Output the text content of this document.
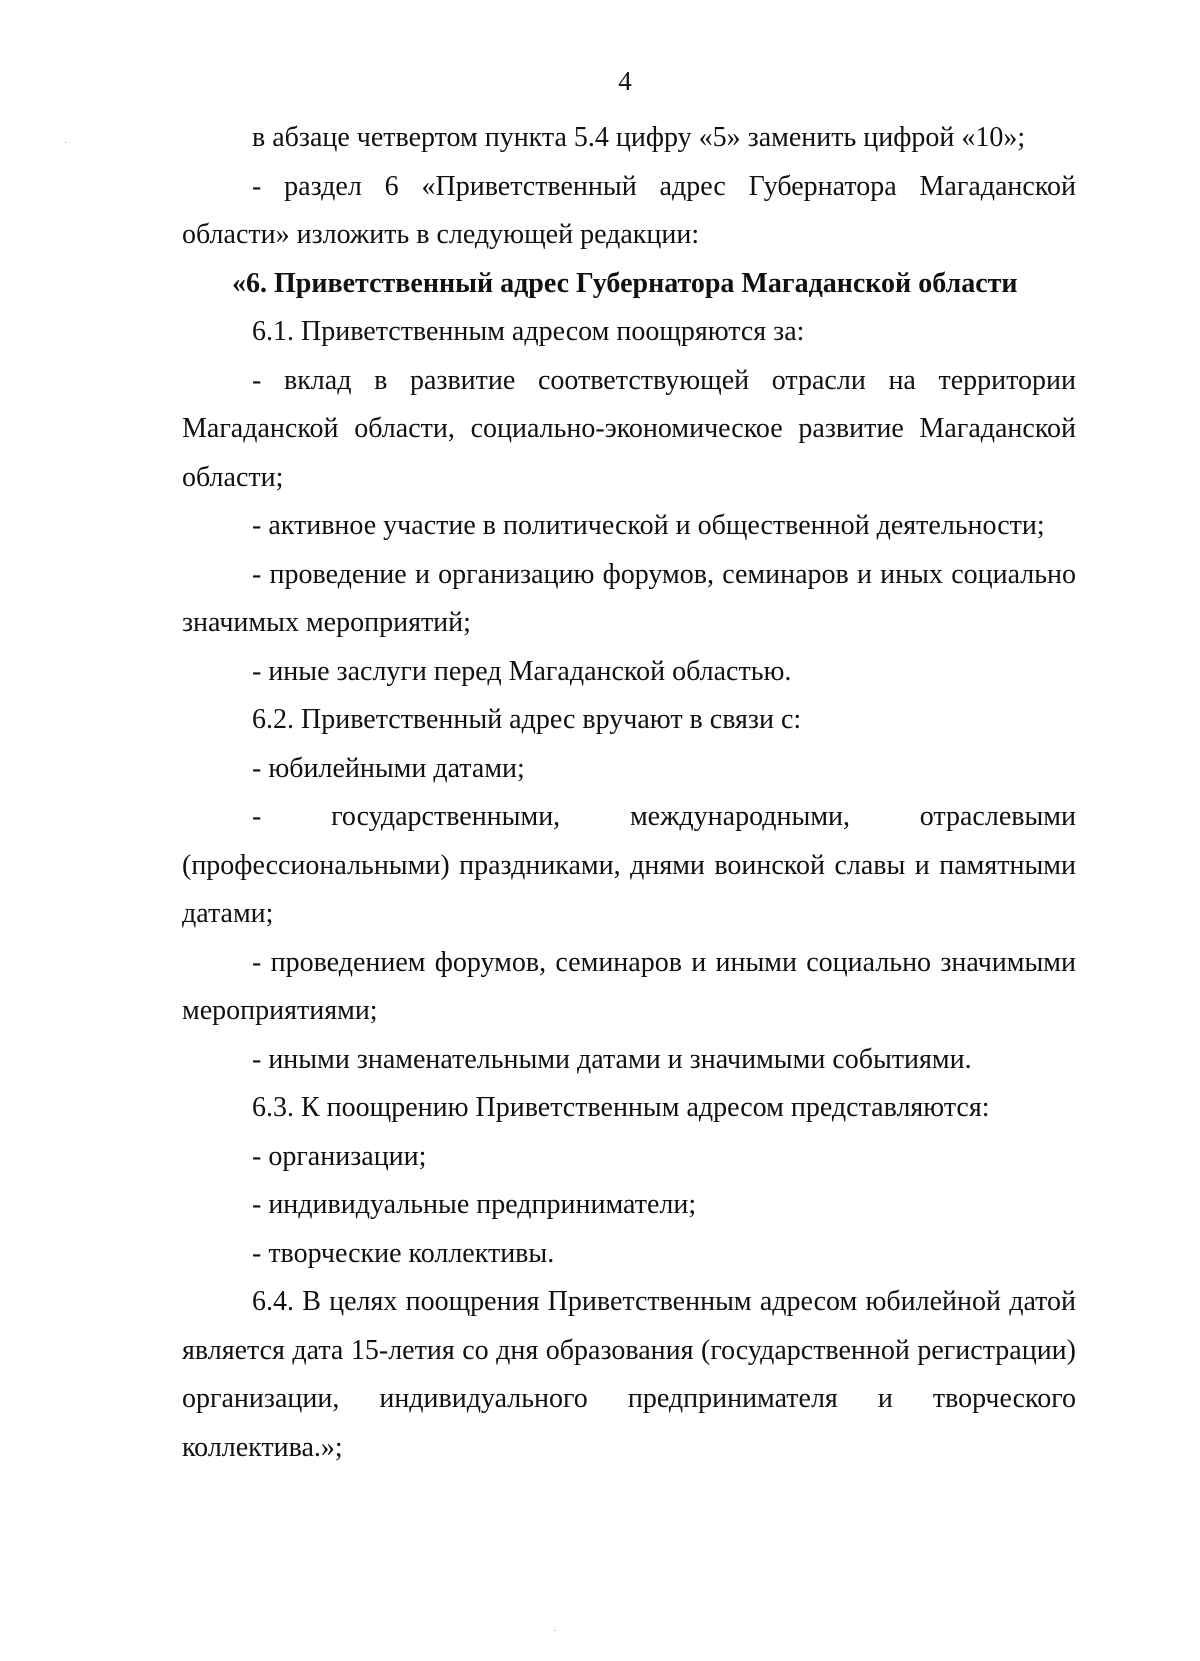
4
·
·

в абзаце четвертом пункта 5.4 цифру «5» заменить цифрой «10»;

- раздел 6 «Приветственный адрес Губернатора Магаданской области» изложить в следующей редакции:

«6. Приветственный адрес Губернатора Магаданской области

6.1. Приветственным адресом поощряются за:

- вклад в развитие соответствующей отрасли на территории Магаданской области, социально-экономическое развитие Магаданской области;

- активное участие в политической и общественной деятельности;

- проведение и организацию форумов, семинаров и иных социально значимых мероприятий;

- иные заслуги перед Магаданской областью.

6.2. Приветственный адрес вручают в связи с:

- юбилейными датами;

- государственными, международными, отраслевыми (профессиональными) праздниками, днями воинской славы и памятными датами;

- проведением форумов, семинаров и иными социально значимыми мероприятиями;

- иными знаменательными датами и значимыми событиями.

6.3. К поощрению Приветственным адресом представляются:

- организации;

- индивидуальные предприниматели;

- творческие коллективы.

6.4. В целях поощрения Приветственным адресом юбилейной датой является дата 15-летия со дня образования (государственной регистрации) организации, индивидуального предпринимателя и творческого коллектива.»;
